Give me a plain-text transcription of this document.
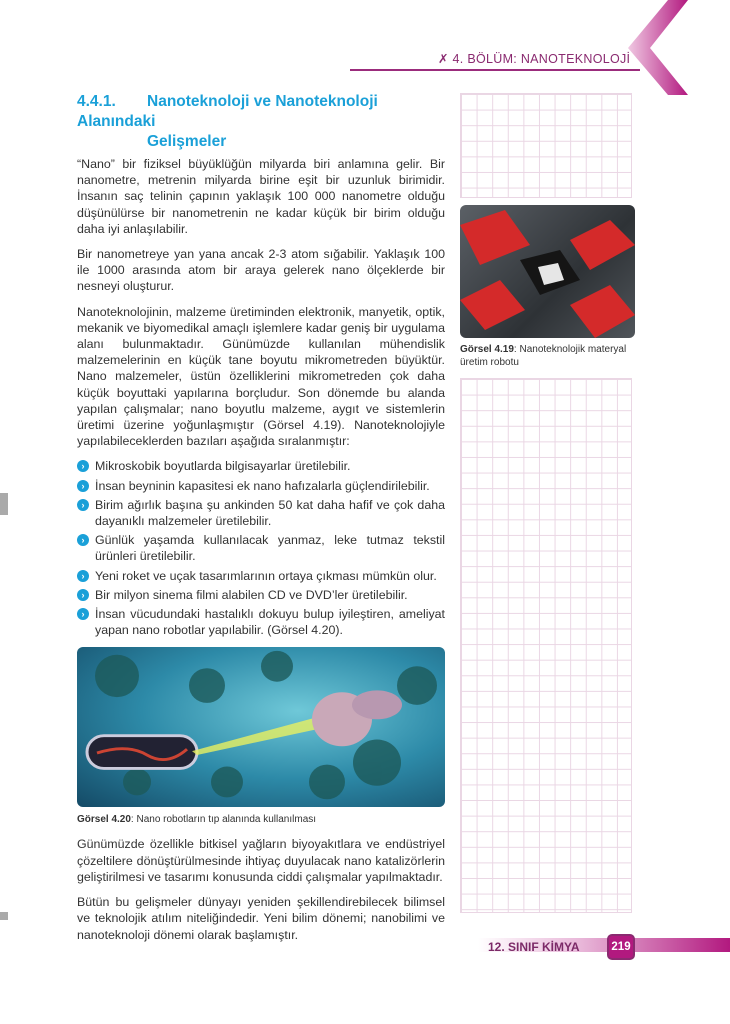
✗ 4. BÖLÜM: NANOTEKNOLOJİ
4.4.1. Nanoteknoloji ve Nanoteknoloji Alanındaki
Gelişmeler

“Nano” bir fiziksel büyüklüğün milyarda biri anlamına gelir. Bir nanometre, metrenin milyarda birine eşit bir uzunluk birimidir. İnsanın saç telinin çapının yaklaşık 100 000 nanometre olduğu düşünülürse bir nanometrenin ne kadar küçük bir birim olduğu daha iyi anlaşılabilir.

Bir nanometreye yan yana ancak 2-3 atom sığabilir. Yaklaşık 100 ile 1000 arasında atom bir araya gelerek nano ölçeklerde bir nesneyi oluşturur.

Nanoteknolojinin, malzeme üretiminden elektronik, manyetik, optik, mekanik ve biyomedikal amaçlı işlemlere kadar geniş bir uygulama alanı bulunmaktadır. Günümüzde kullanılan mühendislik malzemelerinin en küçük tane boyutu mikrometreden büyüktür. Nano malzemeler, üstün özelliklerini mikrometreden çok daha küçük boyuttaki yapılarına borçludur. Son dönemde bu alanda yapılan çalışmalar; nano boyutlu malzeme, aygıt ve sistemlerin üretimi üzerine yoğunlaşmıştır (Görsel 4.19). Nanoteknolojiyle yapılabileceklerden bazıları aşağıda sıralanmıştır:

› Mikroskobik boyutlarda bilgisayarlar üretilebilir.
› İnsan beyninin kapasitesi ek nano hafızalarla güçlendirilebilir.
› Birim ağırlık başına şu ankinden 50 kat daha hafif ve çok daha dayanıklı malzemeler üretilebilir.
› Günlük yaşamda kullanılacak yanmaz, leke tutmaz tekstil ürünleri üretilebilir.
› Yeni roket ve uçak tasarımlarının ortaya çıkması mümkün olur.
› Bir milyon sinema filmi alabilen CD ve DVD’ler üretilebilir.
› İnsan vücudundaki hastalıklı dokuyu bulup iyileştiren, ameliyat yapan nano robotlar yapılabilir. (Görsel 4.20).
Görsel 4.20: Nano robotların tıp alanında kullanılması

Günümüzde özellikle bitkisel yağların biyoyakıtlara ve endüstriyel çözeltilere dönüştürülmesinde ihtiyaç duyulacak nano katalizörlerin geliştirilmesi ve tasarımı konusunda ciddi çalışmalar yapılmaktadır.

Bütün bu gelişmeler dünyayı yeniden şekillendirebilecek bilimsel ve teknolojik atılım niteliğindedir. Yeni bilim dönemi; nanobilimi ve nanoteknoloji dönemi olarak başlamıştır.

Görsel 4.19: Nanoteknolojik materyal üretim robotu
12. SINIF KİMYA	219
